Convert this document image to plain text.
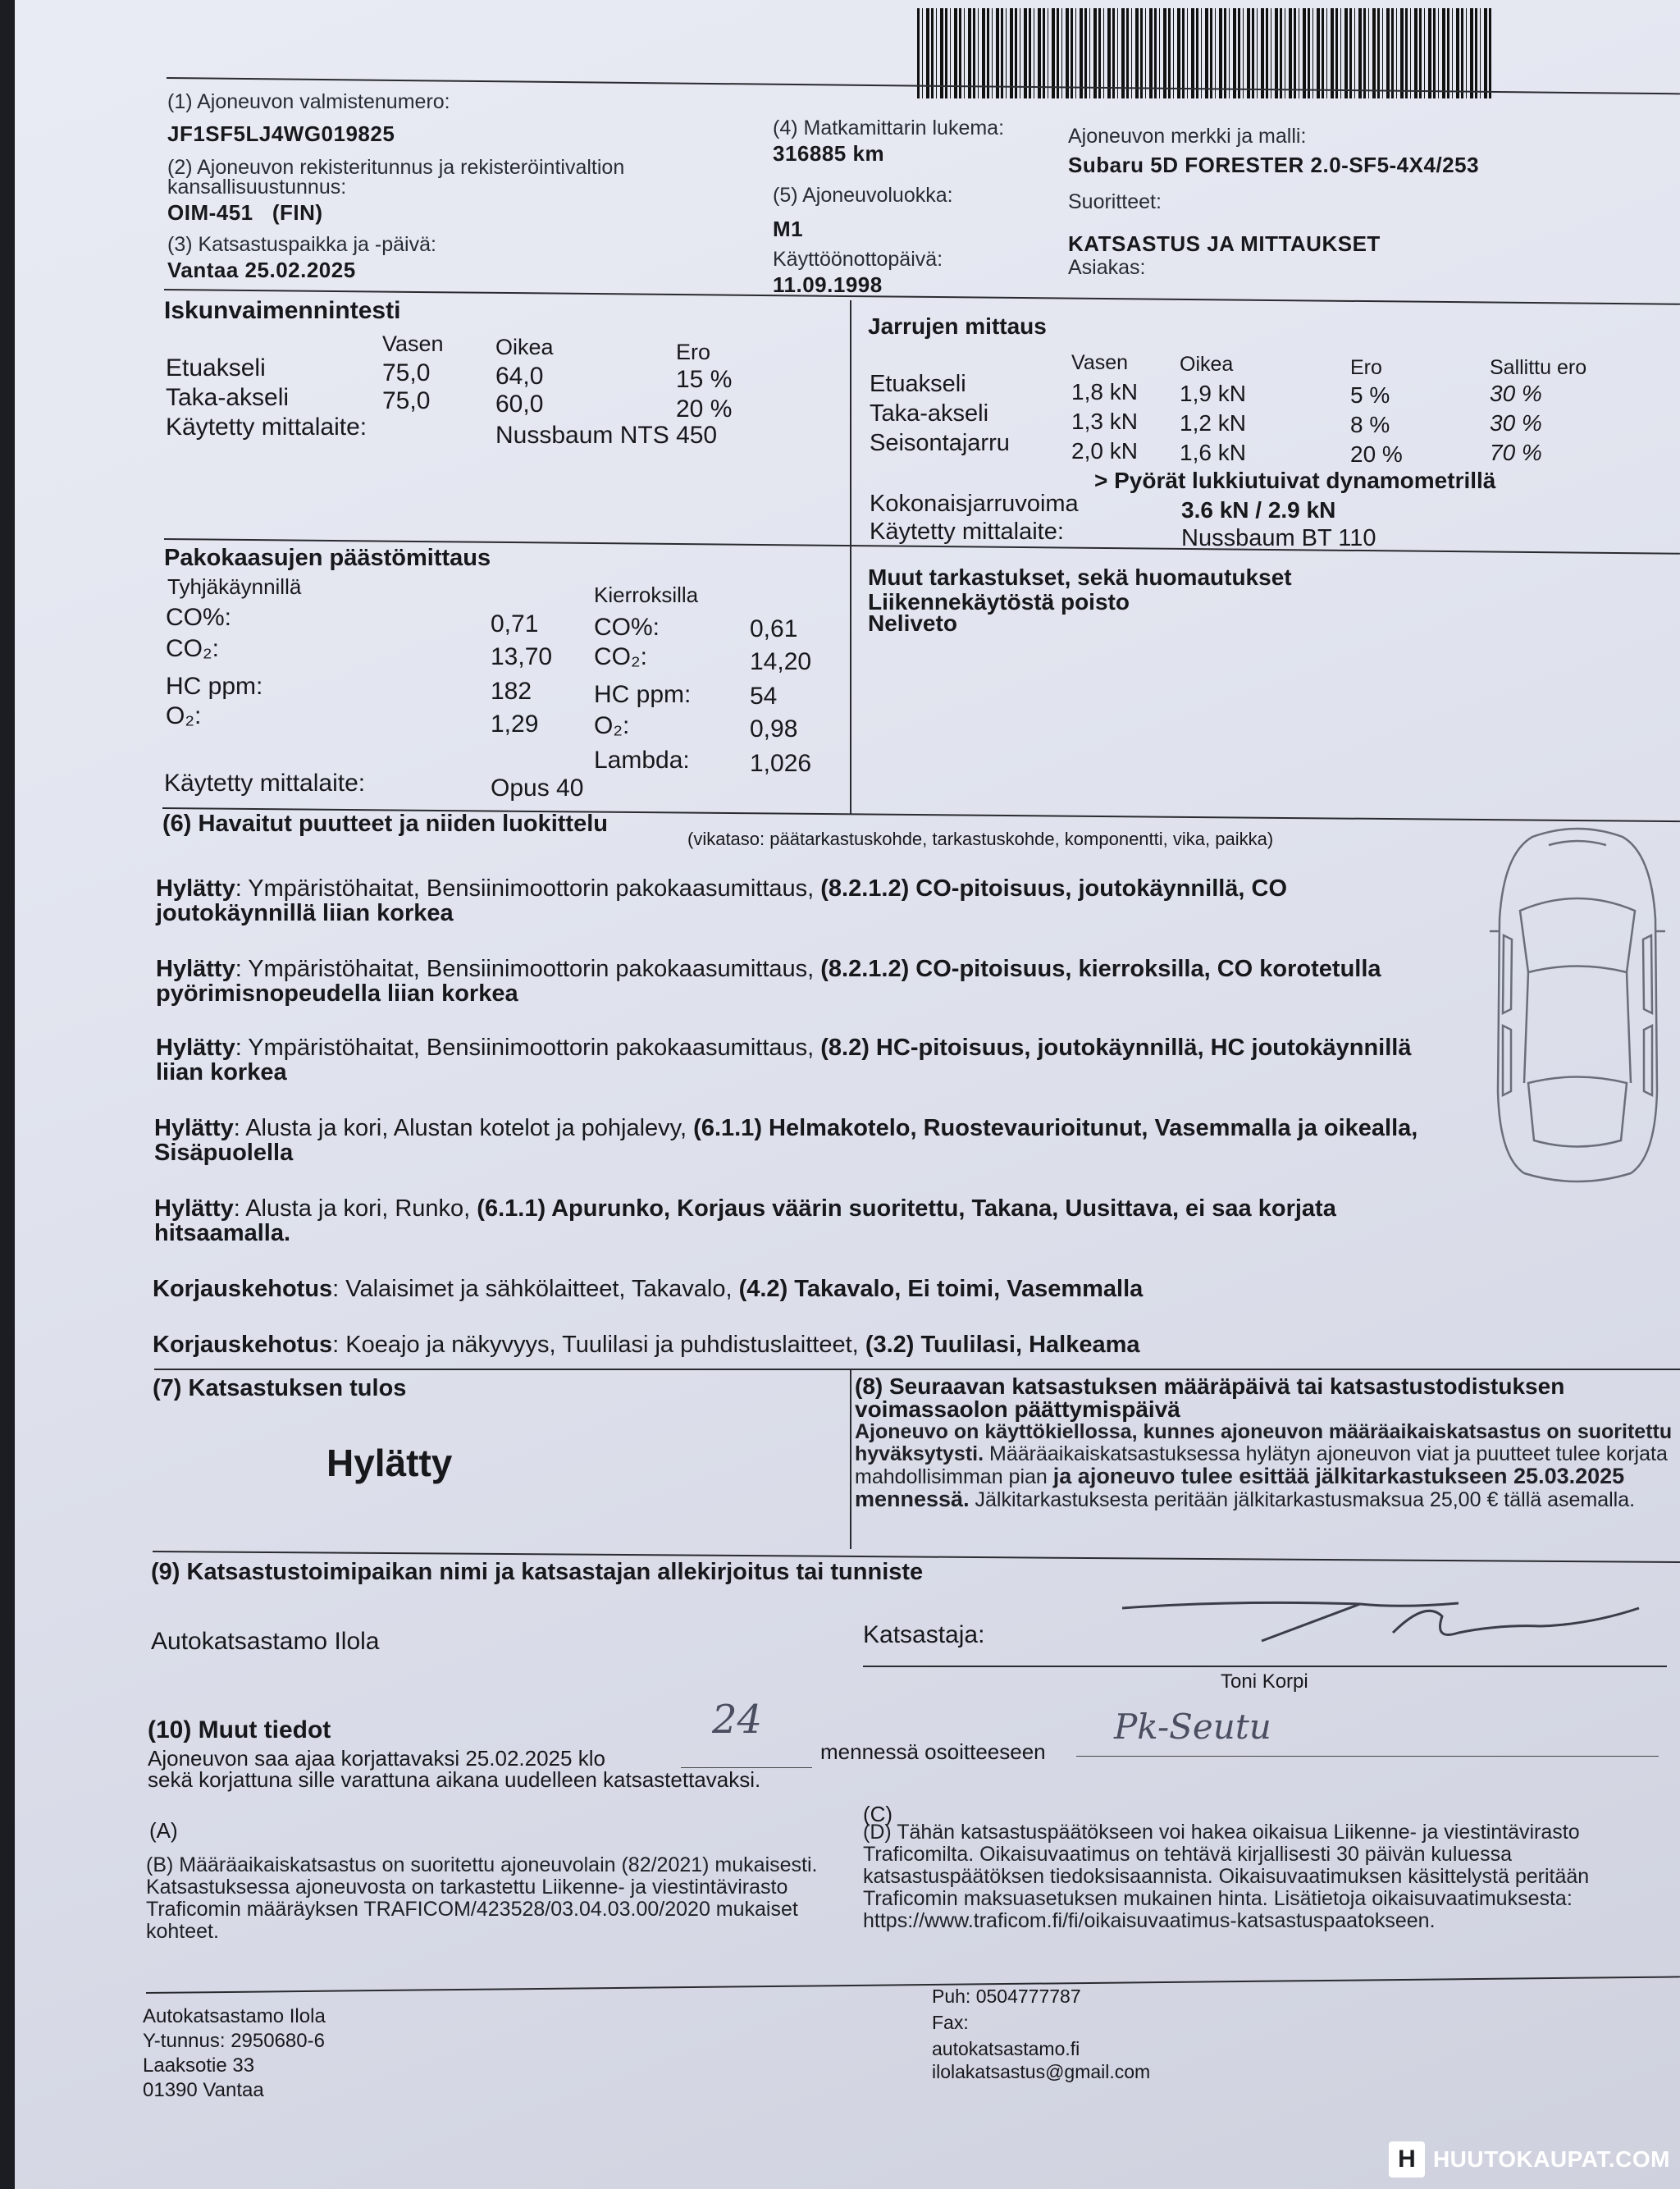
(1) Ajoneuvon valmistenumero:
JF1SF5LJ4WG019825
(2) Ajoneuvon rekisteritunnus ja rekisteröintivaltion
kansallisuustunnus:
OIM-451   (FIN)
(3) Katsastuspaikka ja -päivä:
Vantaa 25.02.2025
(4) Matkamittarin lukema:
316885 km
(5) Ajoneuvoluokka:
M1
Käyttöönottopäivä:
11.09.1998
Ajoneuvon merkki ja malli:
Subaru 5D FORESTER 2.0-SF5-4X4/253
Suoritteet:
KATSASTUS JA MITTAUKSET
Asiakas:
Iskunvaimennintesti
Vasen Oikea	Ero
Etuakseli	75,0	64,0	15 %
Taka-akseli	75,0	60,0	20 %
Käytetty mittalaite:	Nussbaum NTS 450
Jarrujen mittaus
Vasen	Oikea	Ero	Sallittu ero
Etuakseli	1,8 kN 1,9 kN	5 %	30 %
Taka-akseli	1,3 kN 1,2 kN	8 %	30 %
Seisontajarru	2,0 kN 1,6 kN	20 %	70 %
> Pyörät lukkiutuivat dynamometrillä
Kokonaisjarruvoima	3.6 kN / 2.9 kN
Käytetty mittalaite:	Nussbaum BT 110
Pakokaasujen päästömittaus
Tyhjäkäynnillä	Kierroksilla
CO%:	0,71 CO%:	0,61
CO₂:	13,70 CO₂:	14,20
HC ppm:	182	HC ppm: 54
O₂:	1,29 O₂:	0,98
Lambda: 1,026
Käytetty mittalaite:	Opus 40
Muut tarkastukset, sekä huomautukset
Liikennekäytöstä poisto
Neliveto
(6) Havaitut puutteet ja niiden luokittelu
(vikataso: päätarkastuskohde, tarkastuskohde, komponentti, vika, paikka)
Hylätty: Ympäristöhaitat, Bensiinimoottorin pakokaasumittaus, (8.2.1.2) CO-pitoisuus, joutokäynnillä, CO joutokäynnillä liian korkea
Hylätty: Ympäristöhaitat, Bensiinimoottorin pakokaasumittaus, (8.2.1.2) CO-pitoisuus, kierroksilla, CO korotetulla pyörimisnopeudella liian korkea
Hylätty: Ympäristöhaitat, Bensiinimoottorin pakokaasumittaus, (8.2) HC-pitoisuus, joutokäynnillä, HC joutokäynnillä liian korkea
Hylätty: Alusta ja kori, Alustan kotelot ja pohjalevy, (6.1.1) Helmakotelo, Ruostevaurioitunut, Vasemmalla ja oikealla, Sisäpuolella
Hylätty: Alusta ja kori, Runko, (6.1.1) Apurunko, Korjaus väärin suoritettu, Takana, Uusittava, ei saa korjata hitsaamalla.
Korjauskehotus: Valaisimet ja sähkölaitteet, Takavalo, (4.2) Takavalo, Ei toimi, Vasemmalla
Korjauskehotus: Koeajo ja näkyvyys, Tuulilasi ja puhdistuslaitteet, (3.2) Tuulilasi, Halkeama
(7) Katsastuksen tulos
Hylätty
(8) Seuraavan katsastuksen määräpäivä tai katsastustodistuksen
voimassaolon päättymispäivä
Ajoneuvo on käyttökiellossa, kunnes ajoneuvon määräaikaiskatsastus on suoritettu hyväksytysti. Määräaikaiskatsastuksessa hylätyn ajoneuvon viat ja puutteet tulee korjata mahdollisimman pian ja ajoneuvo tulee esittää jälkitarkastukseen 25.03.2025 mennessä. Jälkitarkastuksesta peritään jälkitarkastusmaksua 25,00 € tällä asemalla.
(9) Katsastustoimipaikan nimi ja katsastajan allekirjoitus tai tunniste
Autokatsastamo Ilola	Katsastaja:
Toni Korpi
(10) Muut tiedot
Ajoneuvon saa ajaa korjattavaksi 25.02.2025 klo
24
mennessä osoitteeseen
Pk-Seutu
sekä korjattuna sille varattuna aikana uudelleen katsastettavaksi.
(A)
(C)
(B) Määräaikaiskatsastus on suoritettu ajoneuvolain (82/2021) mukaisesti. Katsastuksessa ajoneuvosta on tarkastettu Liikenne- ja viestintävirasto Traficomin määräyksen TRAFICOM/423528/03.04.03.00/2020 mukaiset kohteet.
(D) Tähän katsastuspäätökseen voi hakea oikaisua Liikenne- ja viestintävirasto Traficomilta. Oikaisuvaatimus on tehtävä kirjallisesti 30 päivän kuluessa katsastuspäätöksen tiedoksisaannista. Oikaisuvaatimuksen käsittelystä peritään Traficomin maksuasetuksen mukainen hinta. Lisätietoja oikaisuvaatimuksesta: https://www.traficom.fi/fi/oikaisuvaatimus-katsastuspaatokseen.
Autokatsastamo Ilola
Y-tunnus: 2950680-6
Laaksotie 33
01390 Vantaa
Puh: 0504777787
Fax:
autokatsastamo.fi
ilolakatsastus@gmail.com
H HUUTOKAUPAT.COM
